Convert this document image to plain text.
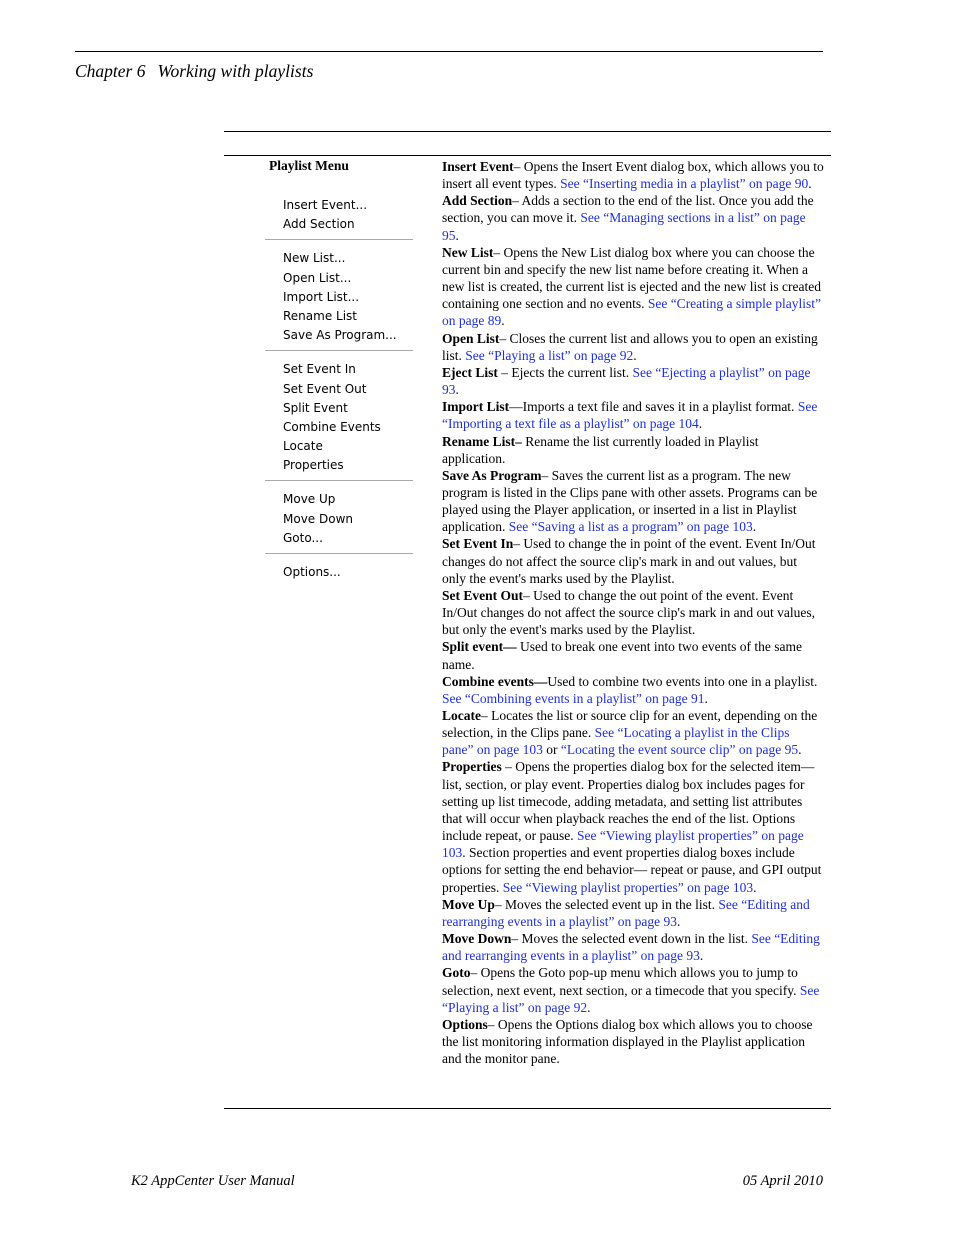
Chapter 6 Working with playlists
Playlist Menu
Insert Event...
Add Section
New List...
Open List...
Import List...
Rename List
Save As Program...
Set Event In
Set Event Out
Split Event
Combine Events
Locate
Properties
Move Up
Move Down
Goto...
Options...

Insert Event– Opens the Insert Event dialog box, which allows you to insert all event types. See “Inserting media in a playlist” on page 90.

Add Section– Adds a section to the end of the list. Once you add the section, you can move it. See “Managing sections in a list” on page 95.

New List– Opens the New List dialog box where you can choose the current bin and specify the new list name before creating it. When a new list is created, the current list is ejected and the new list is created containing one section and no events. See “Creating a simple playlist” on page 89.

Open List– Closes the current list and allows you to open an existing list. See “Playing a list” on page 92.

Eject List – Ejects the current list. See “Ejecting a playlist” on page 93.

Import List—Imports a text file and saves it in a playlist format. See “Importing a text file as a playlist” on page 104.

Rename List– Rename the list currently loaded in Playlist application.

Save As Program– Saves the current list as a program. The new program is listed in the Clips pane with other assets. Programs can be played using the Player application, or inserted in a list in Playlist application. See “Saving a list as a program” on page 103.

Set Event In– Used to change the in point of the event. Event In/Out changes do not affect the source clip's mark in and out values, but only the event's marks used by the Playlist.

Set Event Out– Used to change the out point of the event. Event In/Out changes do not affect the source clip's mark in and out values, but only the event's marks used by the Playlist.

Split event— Used to break one event into two events of the same name.

Combine events—Used to combine two events into one in a playlist. See “Combining events in a playlist” on page 91.

Locate– Locates the list or source clip for an event, depending on the selection, in the Clips pane. See “Locating a playlist in the Clips pane” on page 103 or “Locating the event source clip” on page 95.

Properties – Opens the properties dialog box for the selected item—list, section, or play event. Properties dialog box includes pages for setting up list timecode, adding metadata, and setting list attributes that will occur when playback reaches the end of the list. Options include repeat, or pause. See “Viewing playlist properties” on page 103. Section properties and event properties dialog boxes include options for setting the end behavior— repeat or pause, and GPI output properties. See “Viewing playlist properties” on page 103.

Move Up– Moves the selected event up in the list. See “Editing and rearranging events in a playlist” on page 93.

Move Down– Moves the selected event down in the list. See “Editing and rearranging events in a playlist” on page 93.

Goto– Opens the Goto pop-up menu which allows you to jump to selection, next event, next section, or a timecode that you specify. See “Playing a list” on page 92.

Options– Opens the Options dialog box which allows you to choose the list monitoring information displayed in the Playlist application and the monitor pane.

K2 AppCenter User Manual	05 April 2010
